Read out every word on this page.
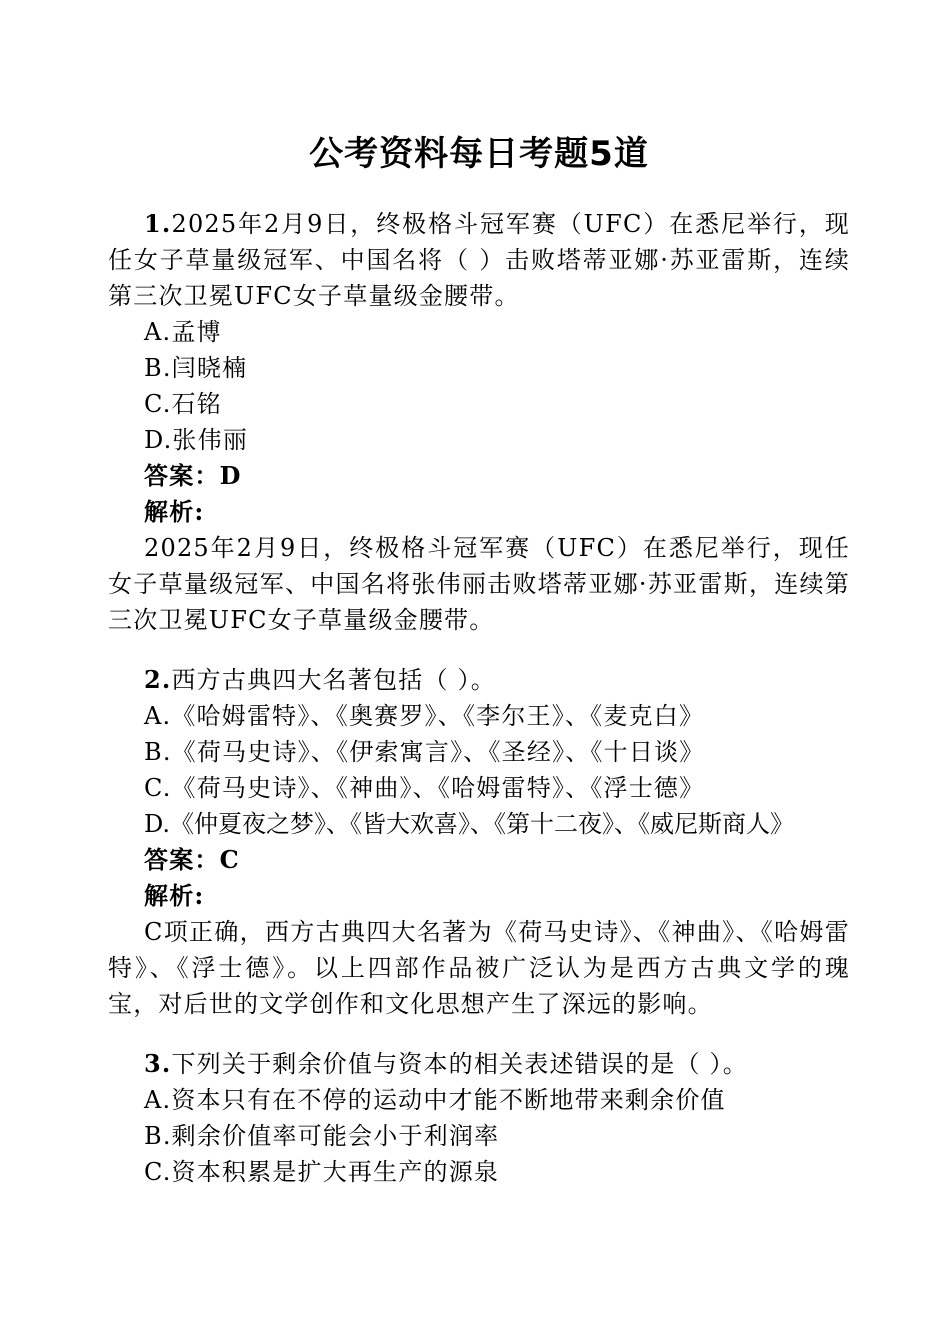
公考资料每日考题5道

1.2025年2月9日，终极格斗冠军赛（UFC）在悉尼举行，现任女子草量级冠军、中国名将（ ）击败塔蒂亚娜·苏亚雷斯，连续第三次卫冕UFC女子草量级金腰带。

A.孟博

B.闫晓楠

C.石铭

D.张伟丽

答案：D

解析:

2025年2月9日，终极格斗冠军赛（UFC）在悉尼举行，现任女子草量级冠军、中国名将张伟丽击败塔蒂亚娜·苏亚雷斯，连续第三次卫冕UFC女子草量级金腰带。

2.西方古典四大名著包括（ ）。

A.《哈姆雷特》、《奥赛罗》、《李尔王》、《麦克白》

B.《荷马史诗》、《伊索寓言》、《圣经》、《十日谈》

C.《荷马史诗》、《神曲》、《哈姆雷特》、《浮士德》

D.《仲夏夜之梦》、《皆大欢喜》、《第十二夜》、《威尼斯商人》

答案：C

解析:

C项正确，西方古典四大名著为《荷马史诗》、《神曲》、《哈姆雷特》、《浮士德》。以上四部作品被广泛认为是西方古典文学的瑰宝，对后世的文学创作和文化思想产生了深远的影响。

3.下列关于剩余价值与资本的相关表述错误的是（ ）。

A.资本只有在不停的运动中才能不断地带来剩余价值

B.剩余价值率可能会小于利润率

C.资本积累是扩大再生产的源泉
